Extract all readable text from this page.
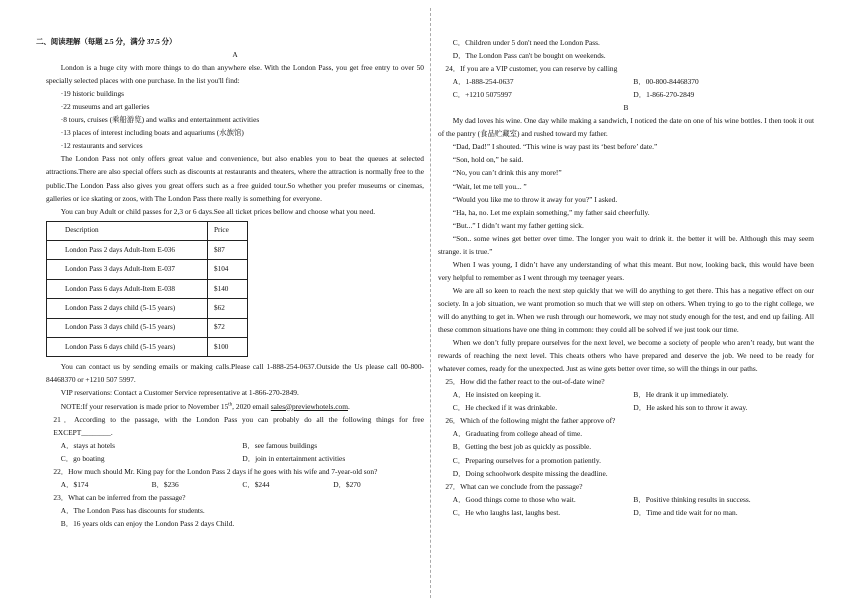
二、阅读理解（每题 2.5 分，满分 37.5 分）

A

London is a huge city with more things to do than anywhere else. With the London Pass, you get free entry to over 50 specially selected places with one purchase. In the list you'll find:

·19 historic buildings

·22 museums and art galleries

·8 tours, cruises (乘船游览) and walks and entertainment activities

·13 places of interest including boats and aquariums (水族馆)

·12 restaurants and services

The London Pass not only offers great value and convenience, but also enables you to beat the queues at selected attractions.There are also special offers such as discounts at restaurants and theaters, where the attraction is normally free to the public.The London Pass also gives you great offers such as a free guided tour.So whether you prefer museums or cinemas, galleries or ice skating or zoos, with The London Pass there really is something for everyone.

You can buy Adult or child passes for 2,3 or 6 days.See all ticket prices bellow and choose what you need.

Description	Price
London Pass 2 days Adult-Item E-036	$87
London Pass 3 days Adult-Item E-037	$104
London Pass 6 days Adult-Item E-038	$140
London Pass 2 days child (5-15 years)	$62
London Pass 3 days child (5-15 years)	$72
London Pass 6 days child (5-15 years)	$100

You can contact us by sending emails or making calls.Please call 1-888-254-0637.Outside the Us please call 00-800-84468370 or +1210 507 5997.

VIP reservations: Contact a Customer Service representative at 1-866-270-2849.

NOTE:If your reservation is made prior to November 15th, 2020 email sales@previewhotels.com.

21．According to the passage, with the London Pass you can probably do all the following things for free EXCEPT________.

A．stays at hotels	B．see famous buildings
C．go boating	D．join in entertainment activities

22．How much should Mr. King pay for the London Pass 2 days if he goes with his wife and 7-year-old son?

A．$174	B．$236	C．$244	D．$270

23．What can be inferred from the passage?

A．The London Pass has discounts for students.

B．16 years olds can enjoy the London Pass 2 days Child.

C．Children under 5 don't need the London Pass.

D．The London Pass can't be bought on weekends.

24．If you are a VIP customer, you can reserve by calling

A．1-888-254-0637	B．00-800-84468370
C．+1210 5075997	D．1-866-270-2849

B

My dad loves his wine. One day while making a sandwich, I noticed the date on one of his wine bottles. I then took it out of the pantry (食品贮藏室) and rushed toward my father.

“Dad, Dad!” I shouted. “This wine is way past its ‘best before’ date.”

“Son, hold on,” he said.

“No, you can’t drink this any more!”

“Wait, let me tell you... ”

“Would you like me to throw it away for you?” I asked.

“Ha, ha, no. Let me explain something,” my father said cheerfully.

“But...” I didn’t want my father getting sick.

“Son.. some wines get better over time. The longer you wait to drink it. the better it will be. Although this may seem strange. it is true.”

When I was young, I didn’t have any understanding of what this meant. But now, looking back, this would have been very helpful to remember as I went through my teenager years.

We are all so keen to reach the next step quickly that we will do anything to get there. This has a negative effect on our society. In a job situation, we want promotion so much that we will step on others. When trying to go to the right college, we will do anything to get in. When we rush through our homework, we may not study enough for the test, and end up failing. All these common situations have one thing in common: they could all be solved if we just took our time.

When we don’t fully prepare ourselves for the next level, we become a society of people who aren’t ready, but want the rewards of reaching the next level. This cheats others who have prepared and deserve the job. We need to be ready for whatever comes, ready for the unexpected. Just as wine gets better over time, so will the things in our paths.

25．How did the father react to the out-of-date wine?

A．He insisted on keeping it.	B．He drank it up immediately.
C．He checked if it was drinkable.	D．He asked his son to throw it away.

26．Which of the following might the father approve of?

A．Graduating from college ahead of time.

B．Getting the best job as quickly as possible.

C．Preparing ourselves for a promotion patiently.

D．Doing schoolwork despite missing the deadline.

27．What can we conclude from the passage?

A．Good things come to those who wait.	B．Positive thinking results in success.
C．He who laughs last, laughs best.	D．Time and tide wait for no man.
